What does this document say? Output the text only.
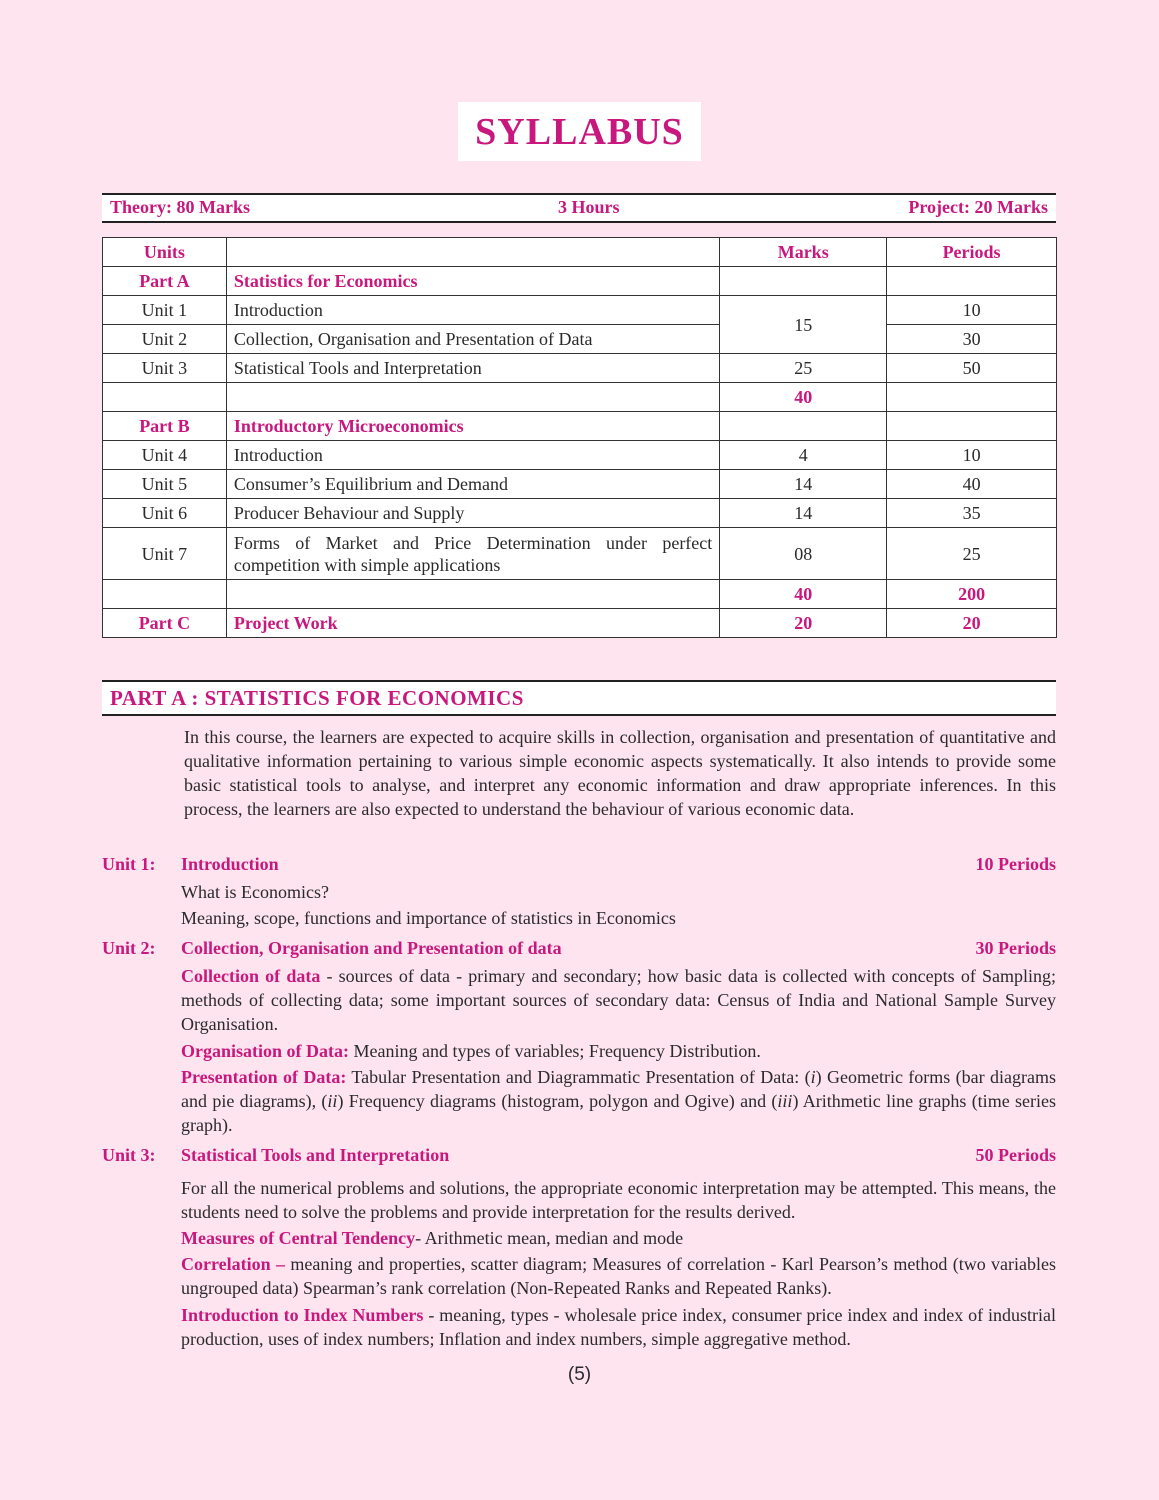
SYLLABUS
Theory: 80 Marks	3 Hours	Project: 20 Marks
Units		Marks	Periods
Part A	Statistics for Economics		
Unit 1	Introduction	15	10
Unit 2	Collection, Organisation and Presentation of Data		30
Unit 3	Statistical Tools and Interpretation	25	50
		40	
Part B	Introductory Microeconomics		
Unit 4	Introduction	4	10
Unit 5	Consumer’s Equilibrium and Demand	14	40
Unit 6	Producer Behaviour and Supply	14	35
Unit 7	Forms of Market and Price Determination under perfect competition with simple applications	08	25
		40	200
Part C	Project Work	20	20
PART A : STATISTICS FOR ECONOMICS
In this course, the learners are expected to acquire skills in collection, organisation and presentation of quantitative and qualitative information pertaining to various simple economic aspects systematically. It also intends to provide some basic statistical tools to analyse, and interpret any economic information and draw appropriate inferences. In this process, the learners are also expected to understand the behaviour of various economic data.
Unit 1: Introduction	10 Periods
What is Economics?
Meaning, scope, functions and importance of statistics in Economics
Unit 2: Collection, Organisation and Presentation of data	30 Periods
Collection of data - sources of data - primary and secondary; how basic data is collected with concepts of Sampling; methods of collecting data; some important sources of secondary data: Census of India and National Sample Survey Organisation.
Organisation of Data: Meaning and types of variables; Frequency Distribution.
Presentation of Data: Tabular Presentation and Diagrammatic Presentation of Data: (i) Geometric forms (bar diagrams and pie diagrams), (ii) Frequency diagrams (histogram, polygon and Ogive) and (iii) Arithmetic line graphs (time series graph).
Unit 3: Statistical Tools and Interpretation	50 Periods
For all the numerical problems and solutions, the appropriate economic interpretation may be attempted. This means, the students need to solve the problems and provide interpretation for the results derived.
Measures of Central Tendency- Arithmetic mean, median and mode
Correlation – meaning and properties, scatter diagram; Measures of correlation - Karl Pearson’s method (two variables ungrouped data) Spearman’s rank correlation (Non-Repeated Ranks and Repeated Ranks).
Introduction to Index Numbers - meaning, types - wholesale price index, consumer price index and index of industrial production, uses of index numbers; Inflation and index numbers, simple aggregative method.
(5)
